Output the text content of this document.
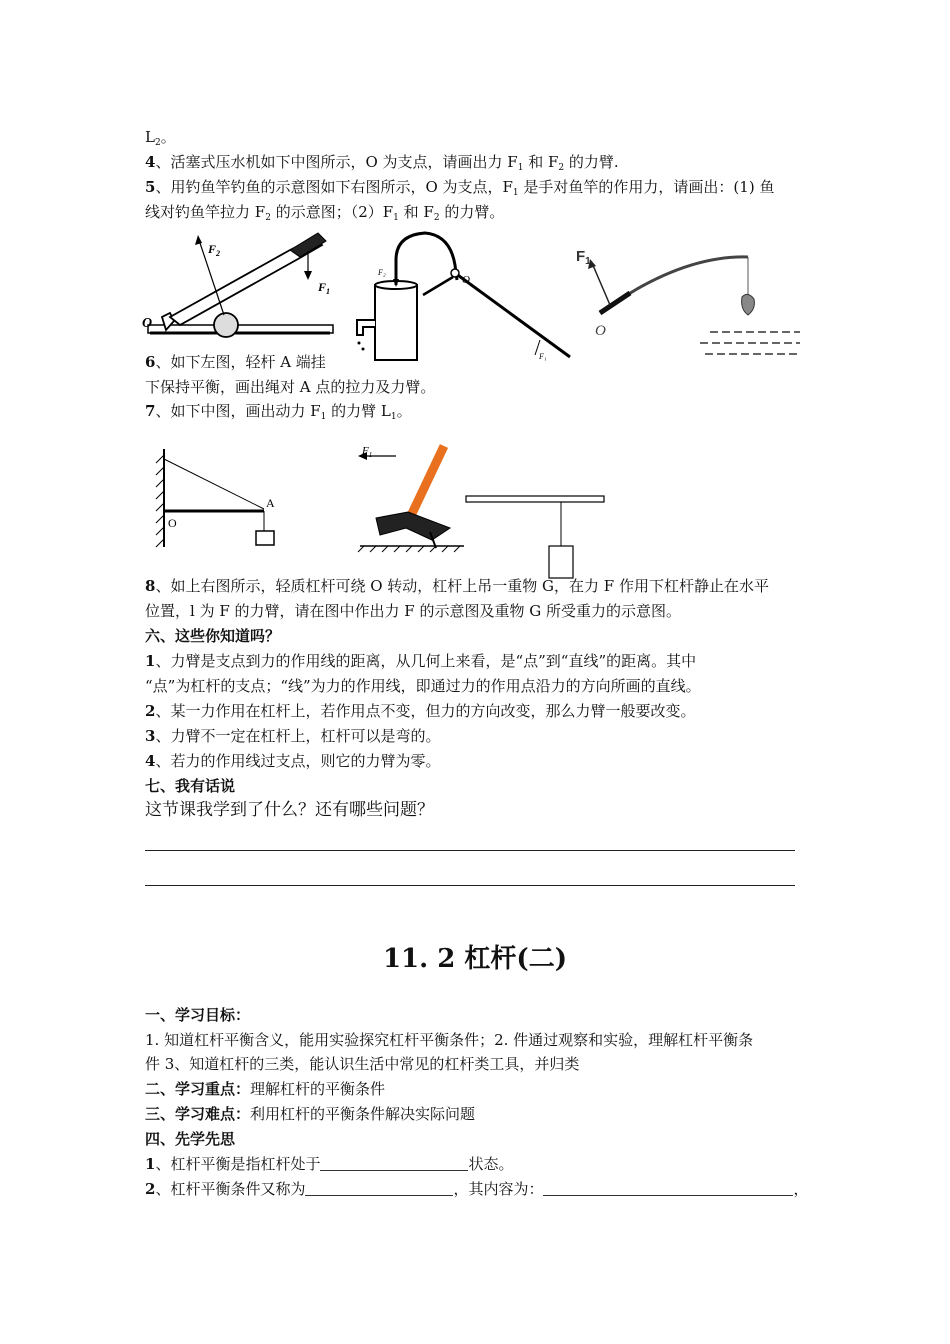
$L_2$。
4、活塞式压水机如下中图所示，O 为支点，请画出力 $F_1$ 和 $F_2$ 的力臂.
5、用钓鱼竿钓鱼的示意图如下右图所示，O 为支点，$F_1$ 是手对鱼竿的作用力，请画出：(1) 鱼
线对钓鱼竿拉力 $F_2$ 的示意图；$(2)F_1$ 和 $F_2$ 的力臂。
$F_2$
$F_1$
O
F₂
F₁
O
$F_1$
O
6、如下左图，轻杆 A 端挂
下保持平衡，画出绳对 A 点的拉力及力臂。
7、如下中图，画出动力 $F_1$ 的力臂 $L_1$。
O
A
$F_1$
8、如上右图所示，轻质杠杆可绕 O 转动，杠杆上吊一重物 G，在力 F 作用下杠杆静止在水平
位置，l 为 F 的力臂，请在图中作出力 F 的示意图及重物 G 所受重力的示意图。
六、这些你知道吗？
1、力臂是支点到力的作用线的距离，从几何上来看，是“点”到“直线”的距离。其中
“点”为杠杆的支点；“线”为力的作用线，即通过力的作用点沿力的方向所画的直线。
2、某一力作用在杠杆上，若作用点不变，但力的方向改变，那么力臂一般要改变。
3、力臂不一定在杠杆上，杠杆可以是弯的。
4、若力的作用线过支点，则它的力臂为零。
七、我有话说
这节课我学到了什么？还有哪些问题？
11. 2 杠杆(二)
一、学习目标：
1. 知道杠杆平衡含义，能用实验探究杠杆平衡条件；2. 件通过观察和实验，理解杠杆平衡条
件 3、知道杠杆的三类，能认识生活中常见的杠杆类工具，并归类
二、学习重点：理解杠杆的平衡条件
三、学习难点：利用杠杆的平衡条件解决实际问题
四、先学先思
1、杠杆平衡是指杠杆处于	状态。
2、杠杆平衡条件又称为	，其内容为：	，
